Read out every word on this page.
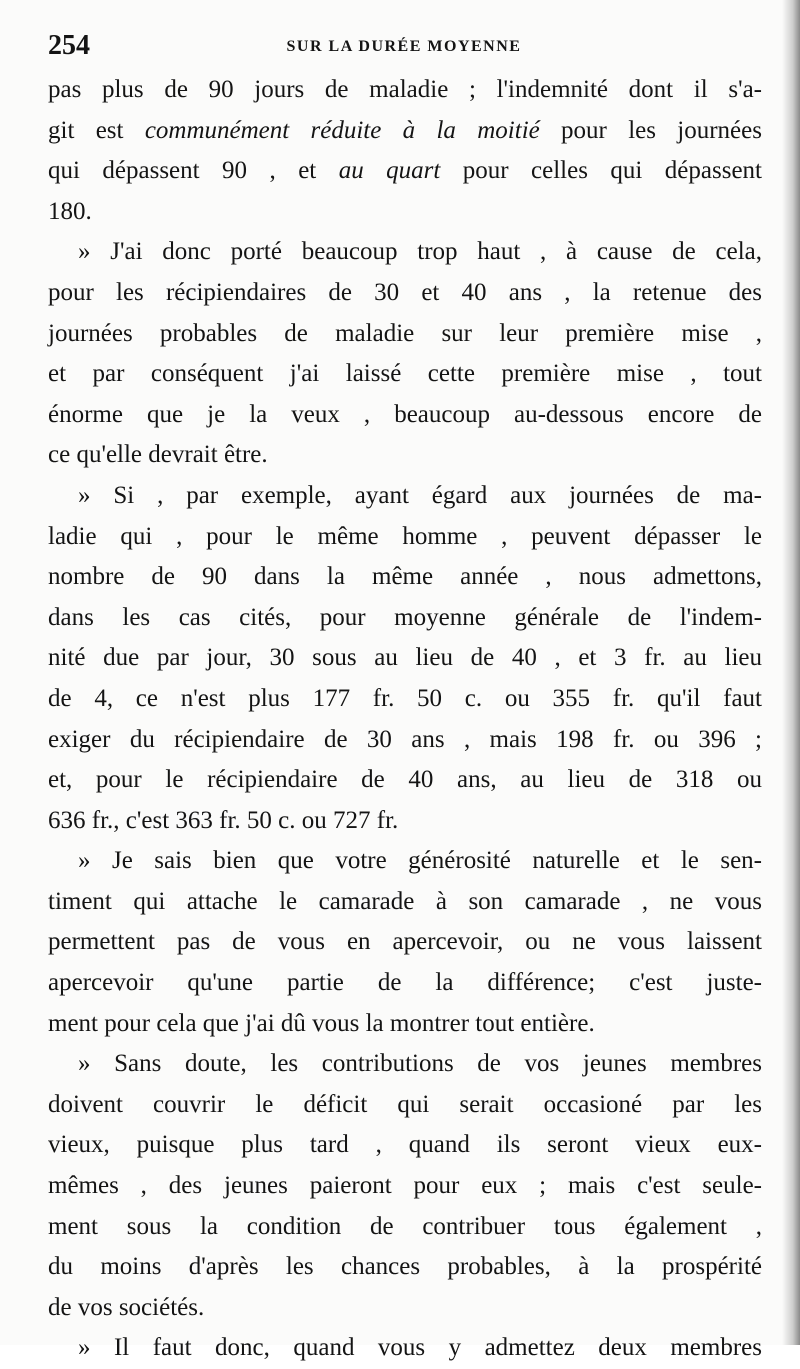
254	SUR LA DURÉE MOYENNE
pas plus de 90 jours de maladie ; l'indemnité dont il s'a-
git est communément réduite à la moitié pour les journées
qui dépassent 90 , et au quart pour celles qui dépassent
180.
» J'ai donc porté beaucoup trop haut , à cause de cela,
pour les récipiendaires de 30 et 40 ans , la retenue des
journées probables de maladie sur leur première mise ,
et par conséquent j'ai laissé cette première mise , tout
énorme que je la veux , beaucoup au-dessous encore de
ce qu'elle devrait être.
» Si , par exemple, ayant égard aux journées de ma-
ladie qui , pour le même homme , peuvent dépasser le
nombre de 90 dans la même année , nous admettons,
dans les cas cités, pour moyenne générale de l'indem-
nité due par jour, 30 sous au lieu de 40 , et 3 fr. au lieu
de 4, ce n'est plus 177 fr. 50 c. ou 355 fr. qu'il faut
exiger du récipiendaire de 30 ans , mais 198 fr. ou 396 ;
et, pour le récipiendaire de 40 ans, au lieu de 318 ou
636 fr., c'est 363 fr. 50 c. ou 727 fr.
» Je sais bien que votre générosité naturelle et le sen-
timent qui attache le camarade à son camarade , ne vous
permettent pas de vous en apercevoir, ou ne vous laissent
apercevoir qu'une partie de la différence; c'est juste-
ment pour cela que j'ai dû vous la montrer tout entière.
» Sans doute, les contributions de vos jeunes membres
doivent couvrir le déficit qui serait occasioné par les
vieux, puisque plus tard , quand ils seront vieux eux-
mêmes , des jeunes paieront pour eux ; mais c'est seule-
ment sous la condition de contribuer tous également ,
du moins d'après les chances probables, à la prospérité
de vos sociétés.
» Il faut donc, quand vous y admettez deux membres
